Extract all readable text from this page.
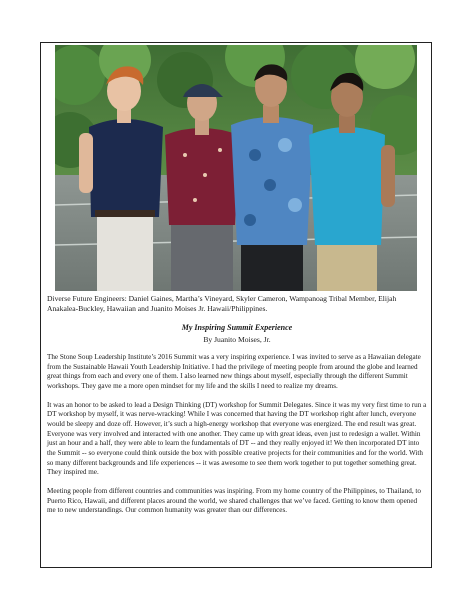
Diverse Future Engineers: Daniel Gaines, Martha’s Vineyard, Skyler Cameron, Wampanoag Tribal Member, Elijah Anakalea-Buckley, Hawaiian and Juanito Moises Jr. Hawaii/Philippines.
My Inspiring Summit Experience
By Juanito Moises, Jr.

The Stone Soup Leadership Institute’s 2016 Summit was a very inspiring experience. I was invited to serve as a Hawaiian delegate from the Sustainable Hawaii Youth Leadership Initiative. I had the privilege of meeting people from around the globe and learned great things from each and every one of them. I also learned new things about myself, especially through the different Summit workshops. They gave me a more open mindset for my life and the skills I need to realize my dreams.

It was an honor to be asked to lead a Design Thinking (DT) workshop for Summit Delegates. Since it was my very first time to run a DT workshop by myself, it was nerve-wracking! While I was concerned that having the DT workshop right after lunch, everyone would be sleepy and doze off. However, it’s such a high-energy workshop that everyone was energized. The end result was great. Everyone was very involved and interacted with one another. They came up with great ideas, even just to redesign a wallet. Within just an hour and a half, they were able to learn the fundamentals of DT -- and they really enjoyed it! We then incorporated DT into the Summit -- so everyone could think outside the box with possible creative projects for their communities and for the world. With so many different backgrounds and life experiences -- it was awesome to see them work together to put together something great. They inspired me.

Meeting people from different countries and communities was inspiring. From my home country of the Philippines, to Thailand, to Puerto Rico, Hawaii, and different places around the world, we shared challenges that we’ve faced. Getting to know them opened me to new understandings. Our common humanity was greater than our differences.
